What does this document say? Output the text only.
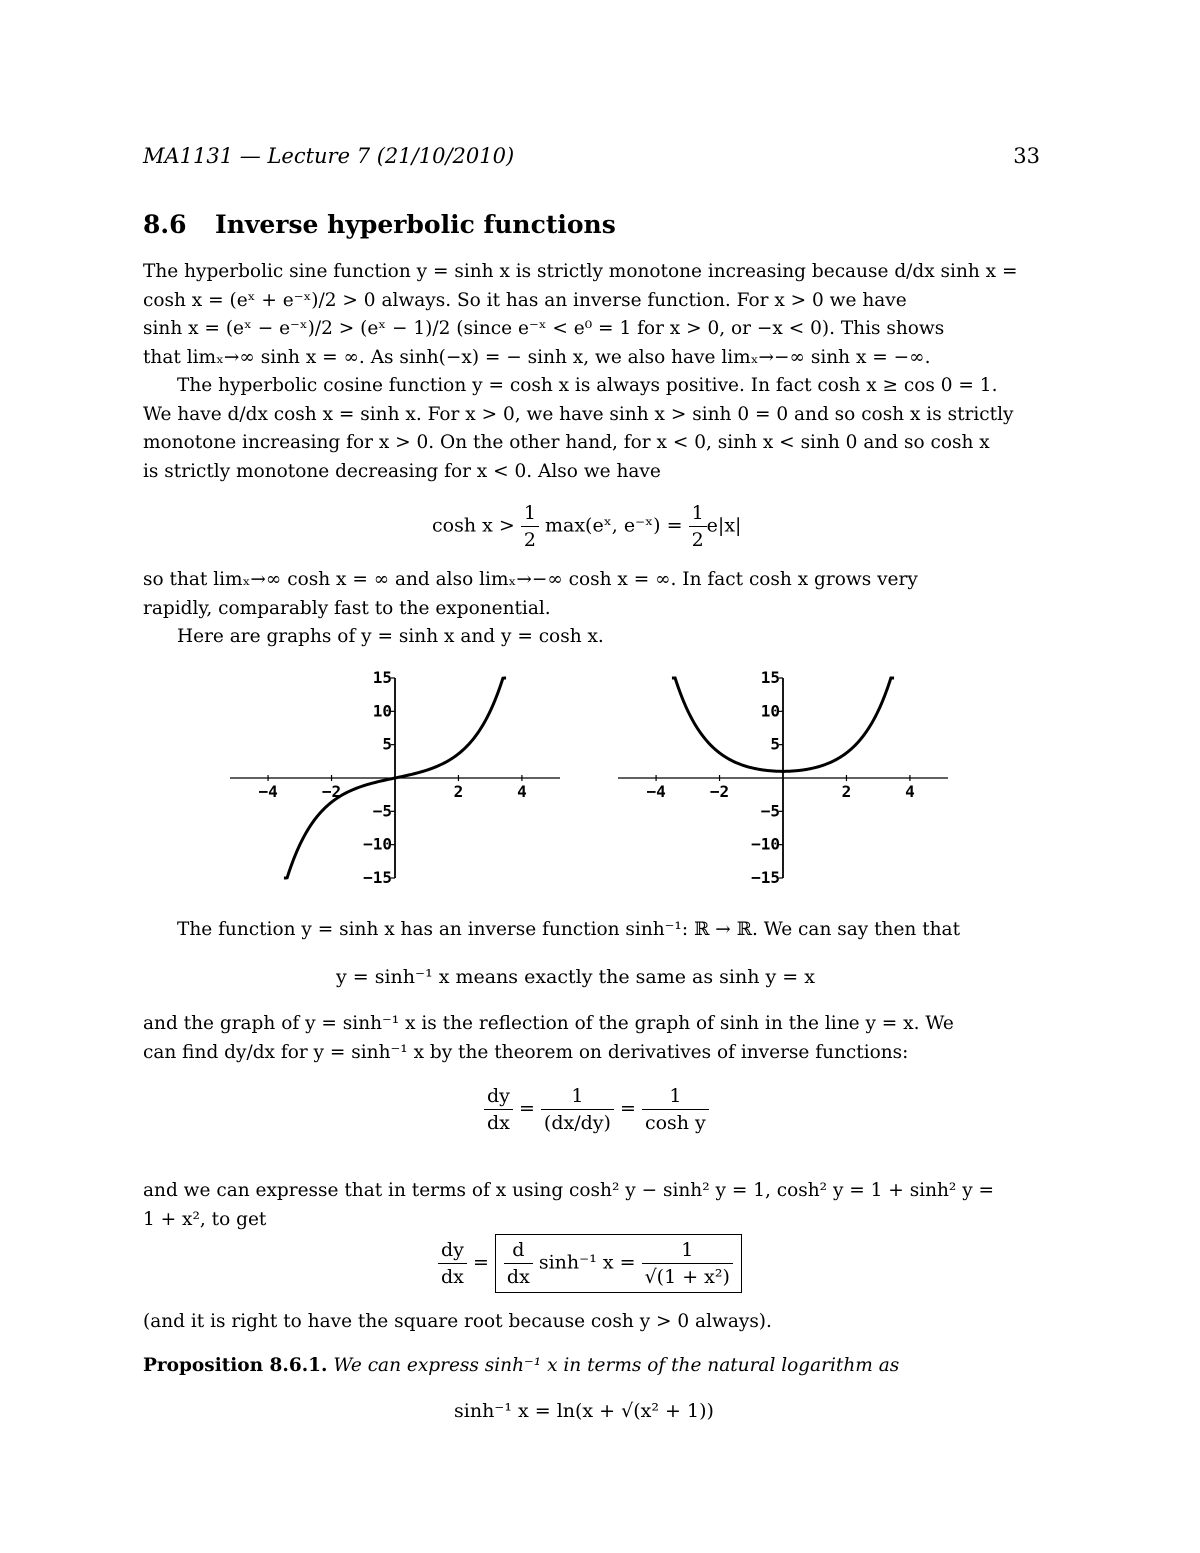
MA1131 — Lecture 7 (21/10/2010)	33
8.6 Inverse hyperbolic functions

The hyperbolic sine function y = sinh x is strictly monotone increasing because d/dx sinh x =

cosh x = (eˣ + e⁻ˣ)/2 > 0 always. So it has an inverse function. For x > 0 we have

sinh x = (eˣ − e⁻ˣ)/2 > (eˣ − 1)/2 (since e⁻ˣ < e⁰ = 1 for x > 0, or −x < 0). This shows

that limₓ→∞ sinh x = ∞. As sinh(−x) = − sinh x, we also have limₓ→−∞ sinh x = −∞.

The hyperbolic cosine function y = cosh x is always positive. In fact cosh x ≥ cos 0 = 1.

We have d/dx cosh x = sinh x. For x > 0, we have sinh x > sinh 0 = 0 and so cosh x is strictly

monotone increasing for x > 0. On the other hand, for x < 0, sinh x < sinh 0 and so cosh x

is strictly monotone decreasing for x < 0. Also we have

$\cosh x > \frac{1}{2}$ max(eˣ, e⁻ˣ) = $\frac{1}{2} e|x|$

so that limₓ→∞ cosh x = ∞ and also limₓ→−∞ cosh x = ∞. In fact cosh x grows very

rapidly, comparably fast to the exponential.

Here are graphs of y = sinh x and y = cosh x.

−4	−2	2	4
15
10
5
−5
−10
−15
−4	−2	2	4
15
10
5
−5
−10
−15

The function y = sinh x has an inverse function sinh⁻¹: ℝ → ℝ. We can say then that

y = sinh⁻¹ x means exactly the same as sinh y = x

and the graph of y = sinh⁻¹ x is the reflection of the graph of sinh in the line y = x. We

can find dy/dx for y = sinh⁻¹ x by the theorem on derivatives of inverse functions:

$\frac{dy}{dx} = \frac{1}{(dx/dy)} = \frac{1}{\text{cosh y}}$

and we can expresse that in terms of x using cosh² y − sinh² y = 1, cosh² y = 1 + sinh² y =

1 + x², to get

$\frac{dy}{dx} = \frac{d}{dx} \sinh^{-1}$ $x = \frac{1}{\text{√(1 + x²)}}$

(and it is right to have the square root because cosh y > 0 always).

Proposition 8.6.1. We can express sinh⁻¹ x in terms of the natural logarithm as

sinh⁻¹ x = ln(x + √(x² + 1))
